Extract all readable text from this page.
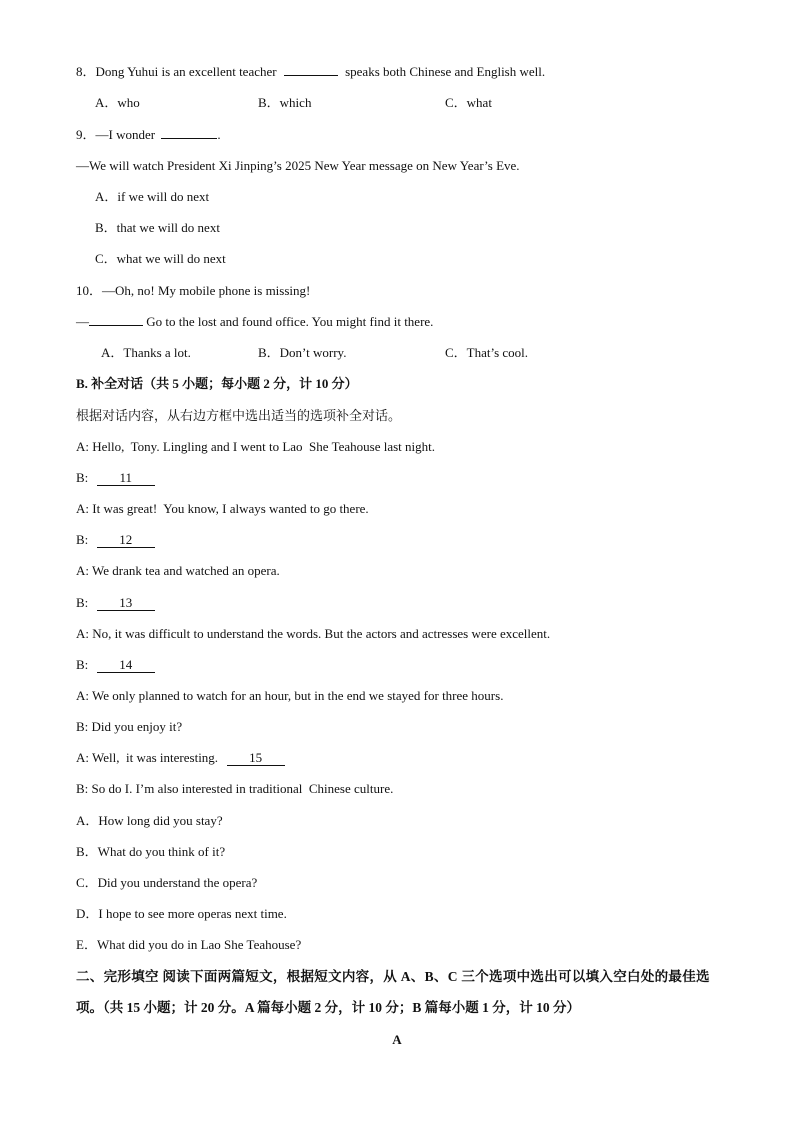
8．Dong Yuhui is an excellent teacher	speaks both Chinese and English well.
A．who	B．which	C．what
9．—I wonder	.
—We will watch President Xi Jinping’s 2025 New Year message on New Year’s Eve.
A．if we will do next
B．that we will do next
C．what we will do next
10．—Oh, no! My mobile phone is missing!
—	Go to the lost and found office. You might find it there.
A．Thanks a lot.	B．Don’t worry.	C．That’s cool.
B. 补全对话（共 5 小题；每小题 2 分，计 10 分）
根据对话内容，从右边方框中选出适当的选项补全对话。
A: Hello,  Tony. Lingling and I went to Lao  She Teahouse last night.
B:  11
A: It was great!  You know, I always wanted to go there.
B:  12
A: We drank tea and watched an opera.
B:  13
A: No, it was difficult to understand the words. But the actors and actresses were excellent.
B:  14
A: We only planned to watch for an hour, but in the end we stayed for three hours.
B: Did you enjoy it?
A: Well,  it was interesting.  15
B: So do I. I’m also interested in traditional  Chinese culture.
A．How long did you stay?
B．What do you think of it?
C．Did you understand the opera?
D．I hope to see more operas next time.
E．What did you do in Lao She Teahouse?
二、完形填空 阅读下面两篇短文，根据短文内容，从 A、B、C 三个选项中选出可以填入空白处的最佳选
项。（共 15 小题；计 20 分。A 篇每小题 2 分，计 10 分；B 篇每小题 1 分，计 10 分）
A
